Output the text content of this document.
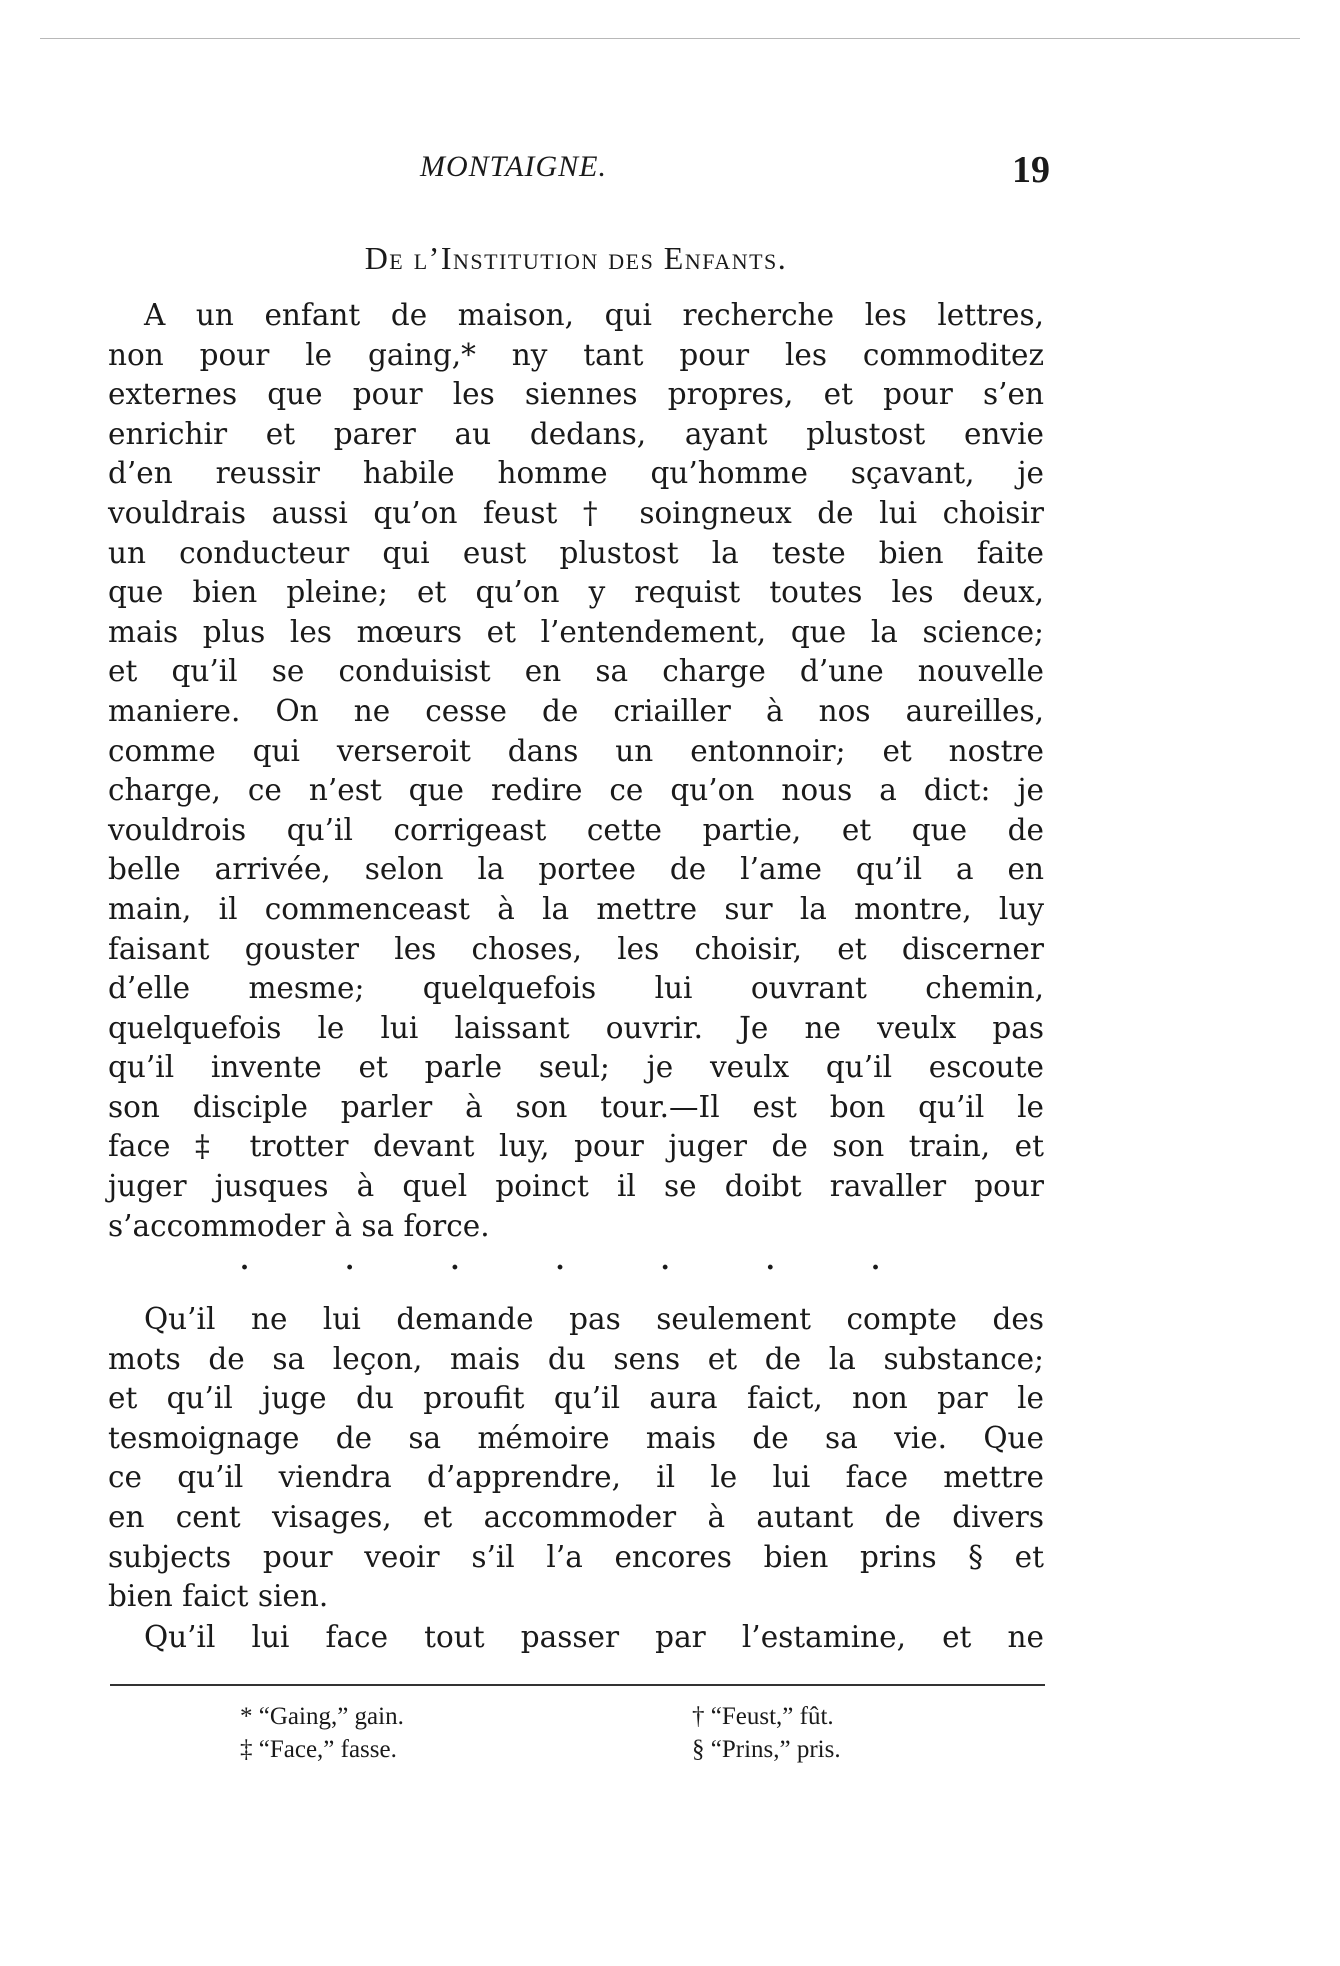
MONTAIGNE.	19
De l’Institution des Enfants.
A un enfant de maison, qui recherche les lettres,
non pour le gaing,* ny tant pour les commoditez
externes que pour les siennes propres, et pour s’en
enrichir et parer au dedans, ayant plustost envie
d’en reussir habile homme qu’homme sçavant, je
vouldrais aussi qu’on feust † soingneux de lui choisir
un conducteur qui eust plustost la teste bien faite
que bien pleine; et qu’on y requist toutes les deux,
mais plus les mœurs et l’entendement, que la science;
et qu’il se conduisist en sa charge d’une nouvelle
maniere. On ne cesse de criailler à nos aureilles,
comme qui verseroit dans un entonnoir; et nostre
charge, ce n’est que redire ce qu’on nous a dict: je
vouldrois qu’il corrigeast cette partie, et que de
belle arrivée, selon la portee de l’ame qu’il a en
main, il commenceast à la mettre sur la montre, luy
faisant gouster les choses, les choisir, et discerner
d’elle mesme; quelquefois lui ouvrant chemin,
quelquefois le lui laissant ouvrir. Je ne veulx pas
qu’il invente et parle seul; je veulx qu’il escoute
son disciple parler à son tour.—Il est bon qu’il le
face ‡ trotter devant luy, pour juger de son train, et
juger jusques à quel poinct il se doibt ravaller pour
s’accommoder à sa force.
.	.	.	.	.	.	.
Qu’il ne lui demande pas seulement compte des
mots de sa leçon, mais du sens et de la substance;
et qu’il juge du proufit qu’il aura faict, non par le
tesmoignage de sa mémoire mais de sa vie. Que
ce qu’il viendra d’apprendre, il le lui face mettre
en cent visages, et accommoder à autant de divers
subjects pour veoir s’il l’a encores bien prins § et
bien faict sien.
Qu’il lui face tout passer par l’estamine, et ne
* “Gaing,” gain.	† “Feust,” fût.
‡ “Face,” fasse.	§ “Prins,” pris.
